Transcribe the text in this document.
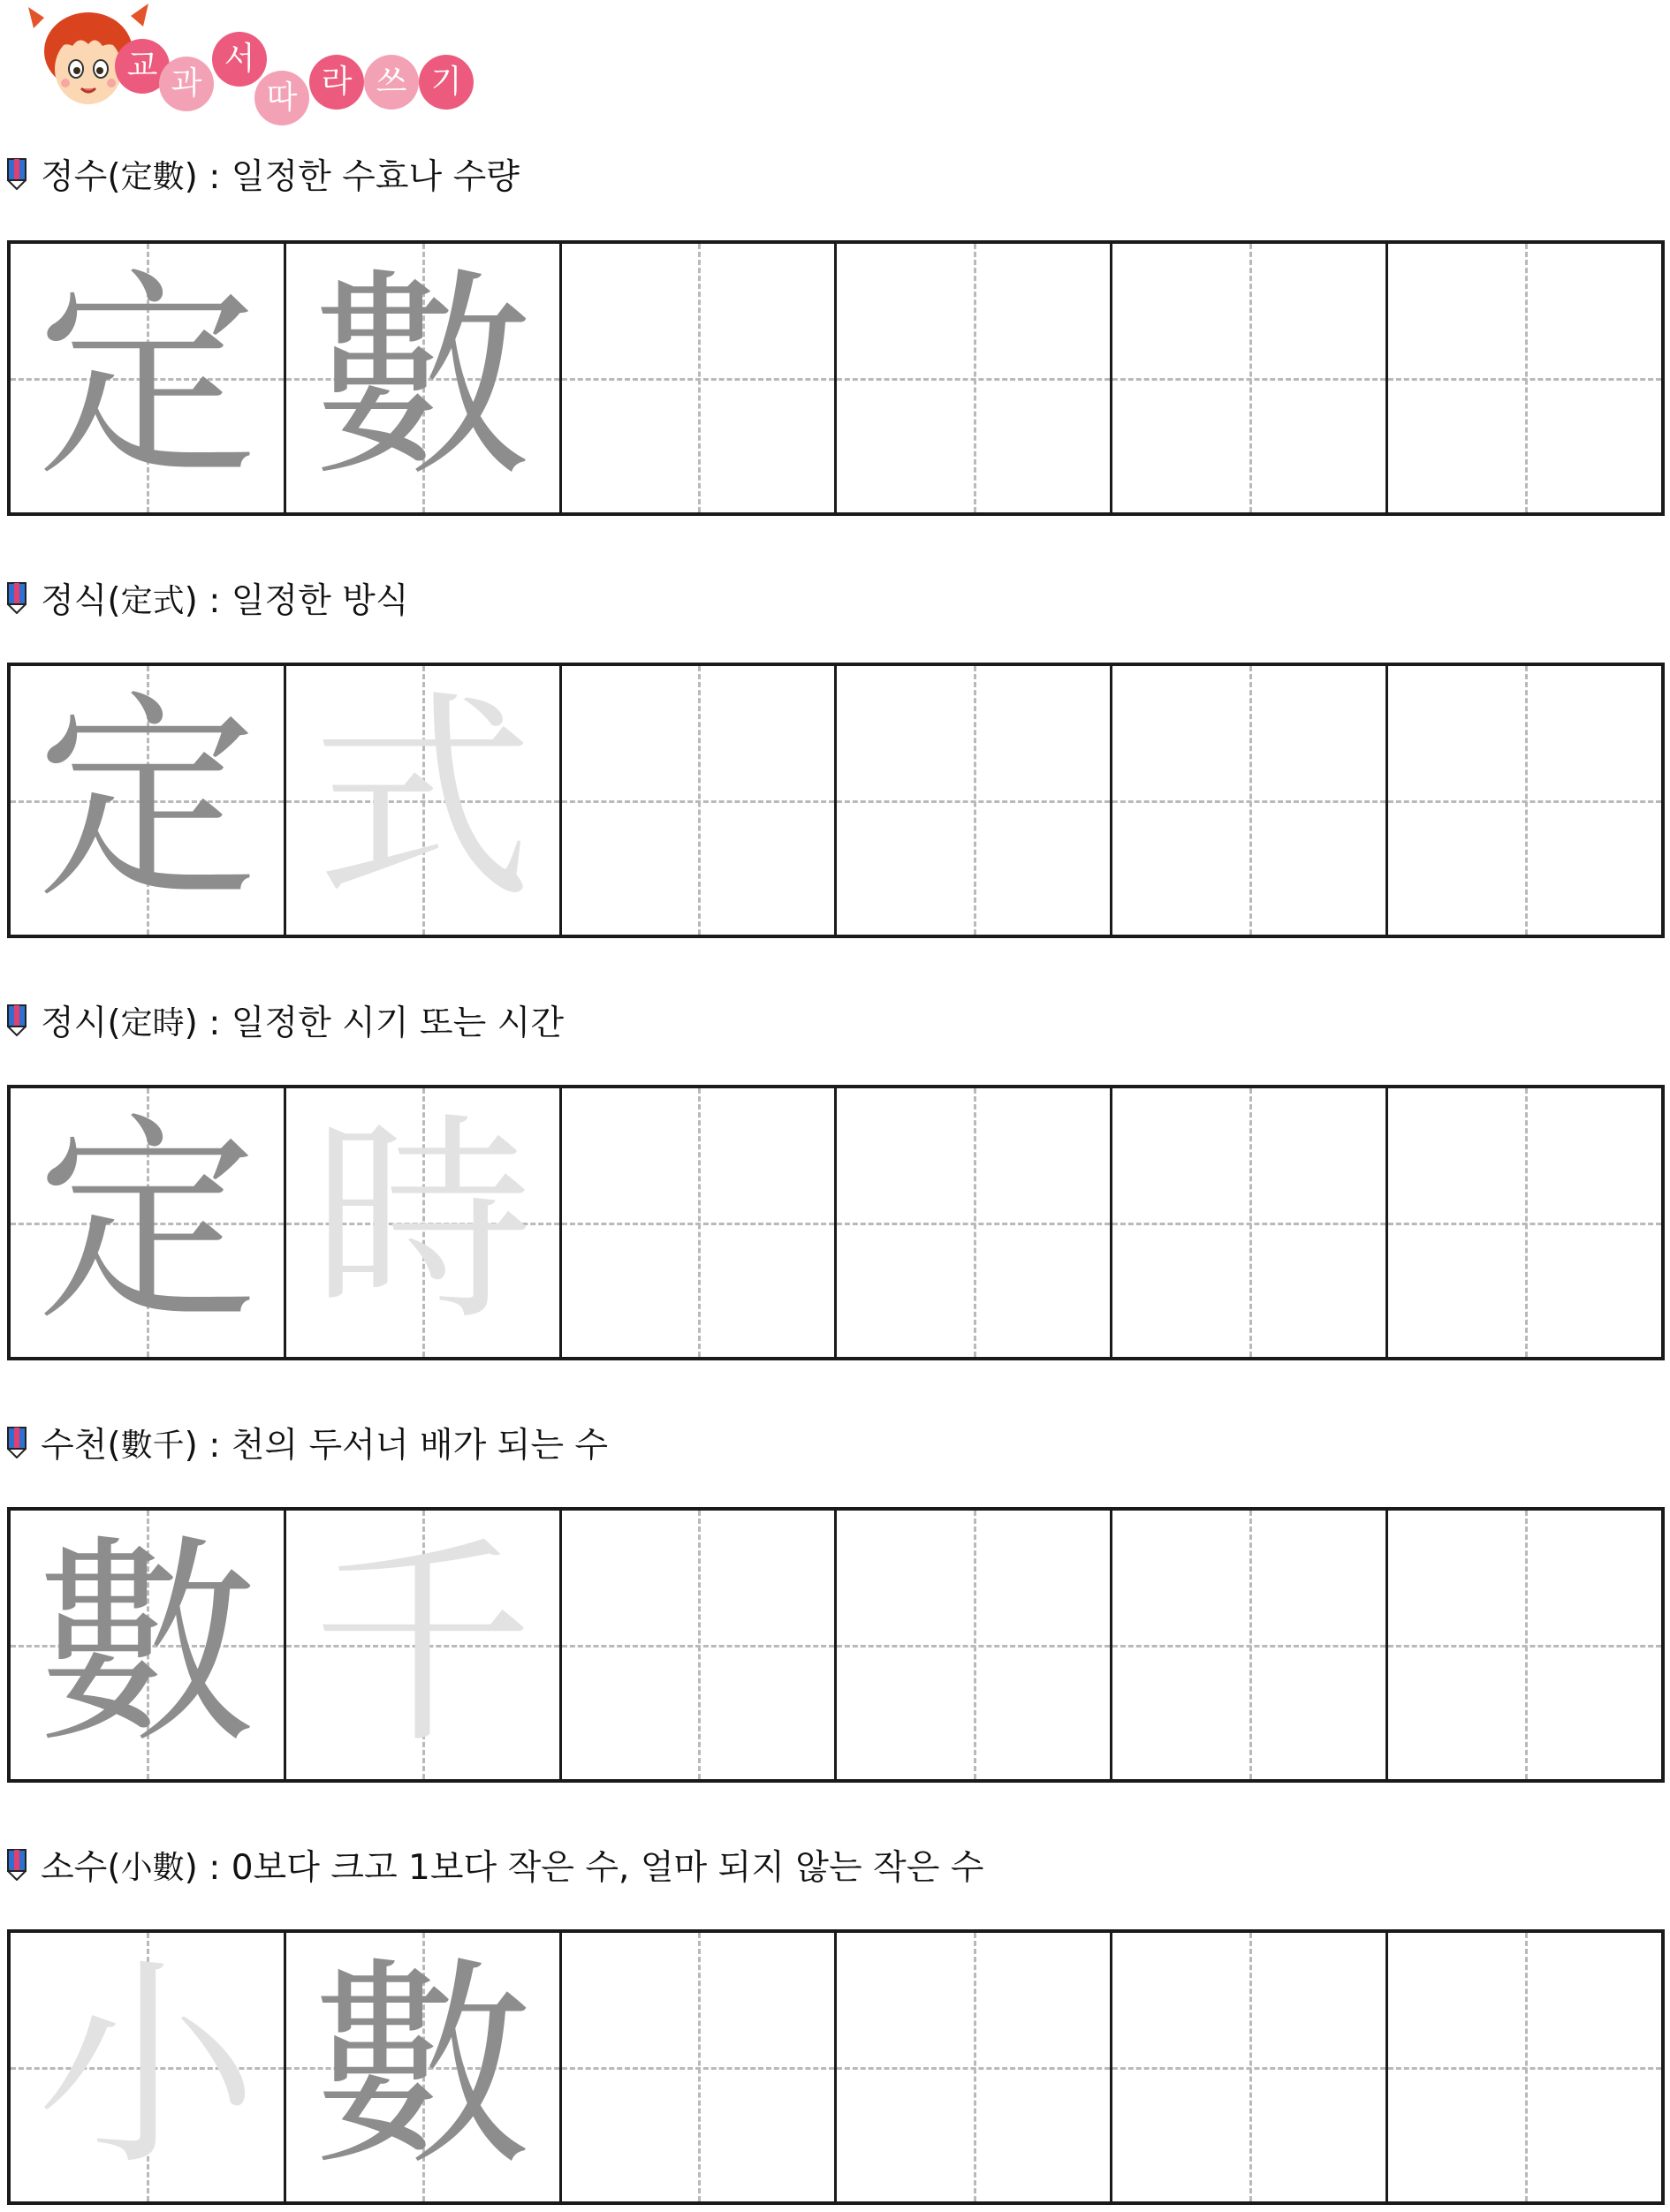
교 과
서
따 라 쓰 기
정수( 定數 ) : 일정한 수효나 수량
定 數
정식( 定式 ) : 일정한 방식
定 式
정시( 定時 ) : 일정한 시기 또는 시간
定 時
수천( 數千 ) : 천의 두서너 배가 되는 수
數 千
소수( 小數 ) : 0보다 크고 1보다 작은 수, 얼마 되지 않는 작은 수
小 數
